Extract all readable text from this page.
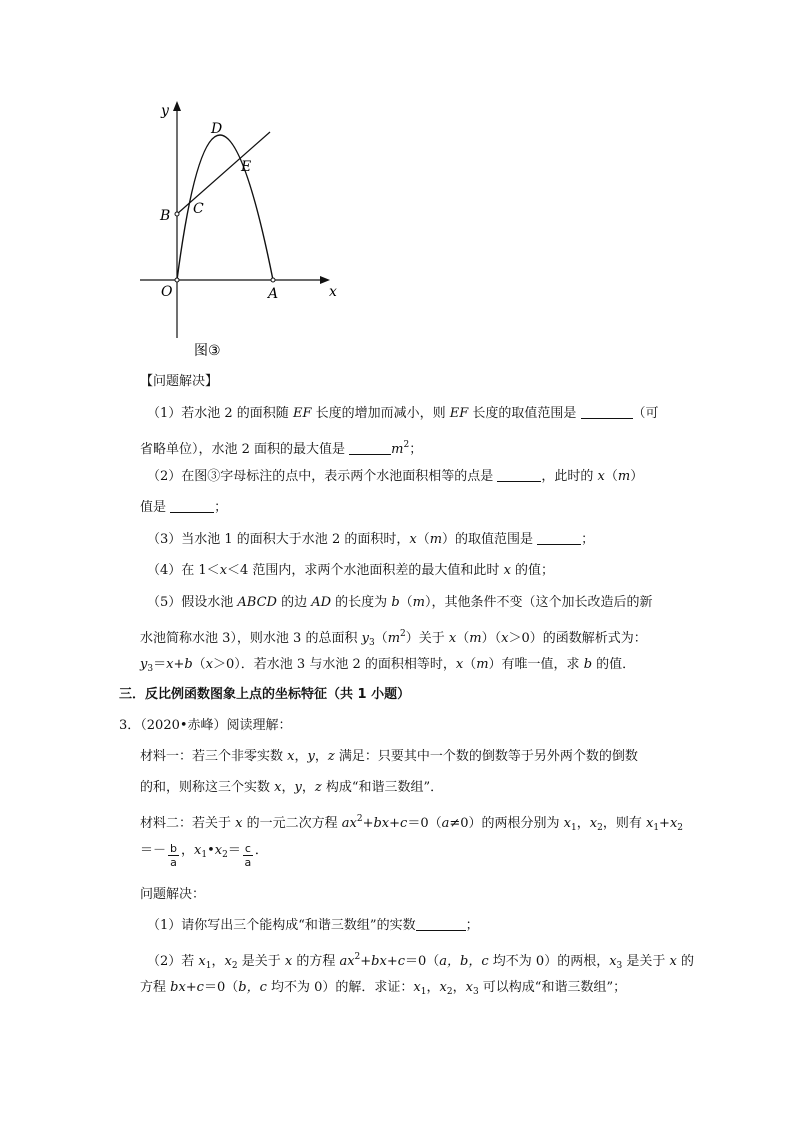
y
x
D
E
B C
O	A
图③
【问题解决】
（1）若水池 2 的面积随 EF 长度的增加而减小，则 EF 长度的取值范围是	（可
省略单位），水池 2 面积的最大值是	$m^2$；
（2）在图③字母标注的点中，表示两个水池面积相等的点是	，此时的 x（m）
值是	；
（3）当水池 1 的面积大于水池 2 的面积时，x（m）的取值范围是	；
（4）在 1＜x＜4 范围内，求两个水池面积差的最大值和此时 x 的值；
（5）假设水池 ABCD 的边 AD 的长度为 b（m），其他条件不变（这个加长改造后的新
水池简称水池 3），则水池 3 的总面积 $y_3(m^2)$关于 x（m）（x＞0）的函数解析式为：
$y_3=x+b(x>0)$．若水池 3 与水池 2 的面积相等时，x（m）有唯一值，求 b 的值．
三．反比例函数图象上点的坐标特征（共 1 小题）
3．（2020•赤峰）阅读理解：
材料一：若三个非零实数 x，y，z 满足：只要其中一个数的倒数等于另外两个数的倒数
的和，则称这三个实数 x，y，z 构成“和谐三数组”．
材料二：若关于 x 的一元二次方程 $ax^2+bx+c=0(a\ne 0)$的两根分别为 $x_1$，$x_2$，则有 $x_1+x_2$
＝－ $\frac{b}{a}$ ，$x_1•x_2= \frac{c}{a}$ ．
问题解决：
（1）请你写出三个能构成“和谐三数组”的实数	；
（2）若 $x_1$，$x_2$ 是关于 x 的方程 $ax^2+bx+c=0(a$，b，c 均不为 0）的两根，$x_3$ 是关于 x 的
方程 bx+c＝0（b，c 均不为 0）的解．求证：$x_1$，$x_2$，$x_3$ 可以构成“和谐三数组”；
